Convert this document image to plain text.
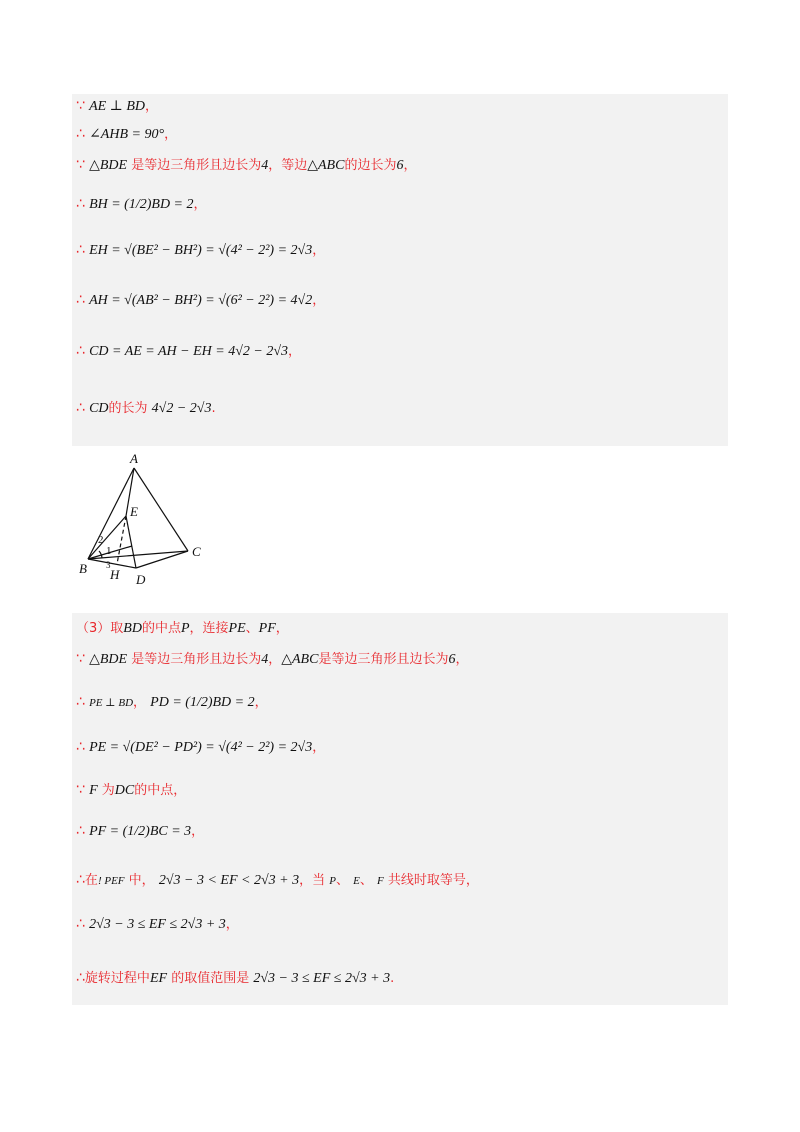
∵ AE ⊥ BD，
∴ ∠AHB = 90°，
∵ △BDE 是等边三角形且边长为4，等边△ABC的边长为6，
∴ BH = (1/2)BD = 2，
∴ EH = √(BE² − BH²) = √(4² − 2²) = 2√3，
∴ AH = √(AB² − BH²) = √(6² − 2²) = 4√2，
∴ CD = AE = AH − EH = 4√2 − 2√3，
∴ CD的长为 4√2 − 2√3.
A
B
C
D
E
H
1
2
3
（3）取BD的中点P，连接PE、PF，
∵ △BDE 是等边三角形且边长为4，△ABC是等边三角形且边长为6，
∴ PE ⊥ BD， PD = (1/2)BD = 2，
∴ PE = √(DE² − PD²) = √(4² − 2²) = 2√3，
∵ F 为DC的中点，
∴ PF = (1/2)BC = 3，
∴在! PEF 中， 2√3 − 3 < EF < 2√3 + 3，当 P、 E、 F 共线时取等号，
∴ 2√3 − 3 ≤ EF ≤ 2√3 + 3，
∴旋转过程中EF 的取值范围是 2√3 − 3 ≤ EF ≤ 2√3 + 3.
